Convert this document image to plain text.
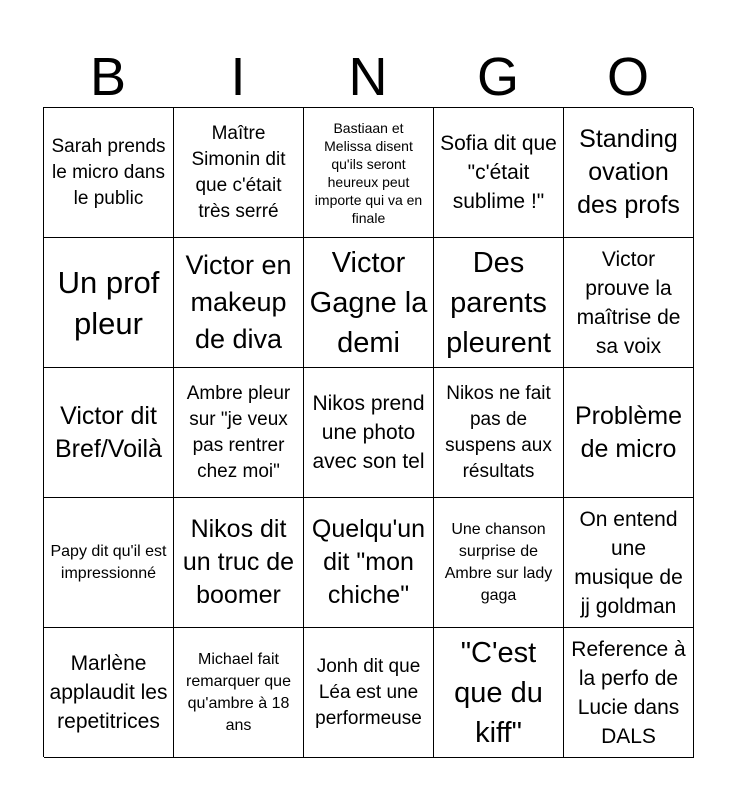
B	I	N	G	O
Sarah prends le micro dans le public
Maître Simonin dit que c'était très serré
Bastiaan et Melissa disent qu'ils seront heureux peut importe qui va en finale
Sofia dit que "c'était sublime !"
Standing ovation des profs
Un prof pleur
Victor en makeup de diva
Victor Gagne la demi
Des parents pleurent
Victor prouve la maîtrise de sa voix
Victor dit Bref/Voilà
Ambre pleur sur "je veux pas rentrer chez moi"
Nikos prend une photo avec son tel
Nikos ne fait pas de suspens aux résultats
Problème de micro
Papy dit qu'il est impressionné
Nikos dit un truc de boomer
Quelqu'un dit "mon chiche"
Une chanson surprise de Ambre sur lady gaga
On entend une musique de jj goldman
Marlène applaudit les repetitrices
Michael fait remarquer que qu'ambre à 18 ans
Jonh dit que Léa est une performeuse
"C'est que du kiff"
Reference à la perfo de Lucie dans DALS
